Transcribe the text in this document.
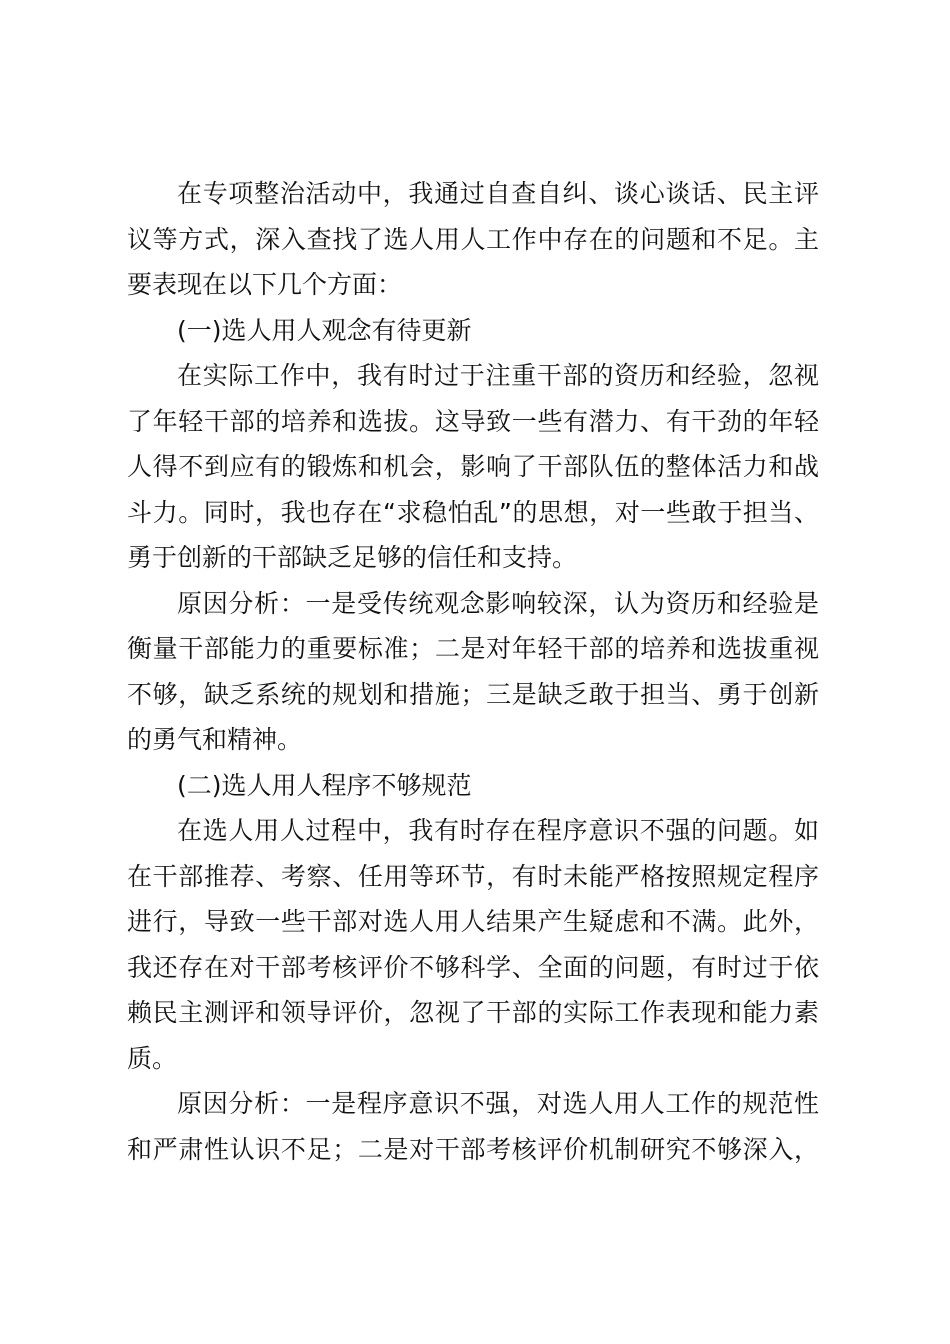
在专项整治活动中，我通过自查自纠、谈心谈话、民主评
议等方式，深入查找了选人用人工作中存在的问题和不足。主
要表现在以下几个方面：
(一)选人用人观念有待更新
在实际工作中，我有时过于注重干部的资历和经验，忽视
了年轻干部的培养和选拔。这导致一些有潜力、有干劲的年轻
人得不到应有的锻炼和机会，影响了干部队伍的整体活力和战
斗力。同时，我也存在“求稳怕乱”的思想，对一些敢于担当、
勇于创新的干部缺乏足够的信任和支持。
原因分析：一是受传统观念影响较深，认为资历和经验是
衡量干部能力的重要标准；二是对年轻干部的培养和选拔重视
不够，缺乏系统的规划和措施；三是缺乏敢于担当、勇于创新
的勇气和精神。
(二)选人用人程序不够规范
在选人用人过程中，我有时存在程序意识不强的问题。如
在干部推荐、考察、任用等环节，有时未能严格按照规定程序
进行，导致一些干部对选人用人结果产生疑虑和不满。此外，
我还存在对干部考核评价不够科学、全面的问题，有时过于依
赖民主测评和领导评价，忽视了干部的实际工作表现和能力素
质。
原因分析：一是程序意识不强，对选人用人工作的规范性
和严肃性认识不足；二是对干部考核评价机制研究不够深入，
